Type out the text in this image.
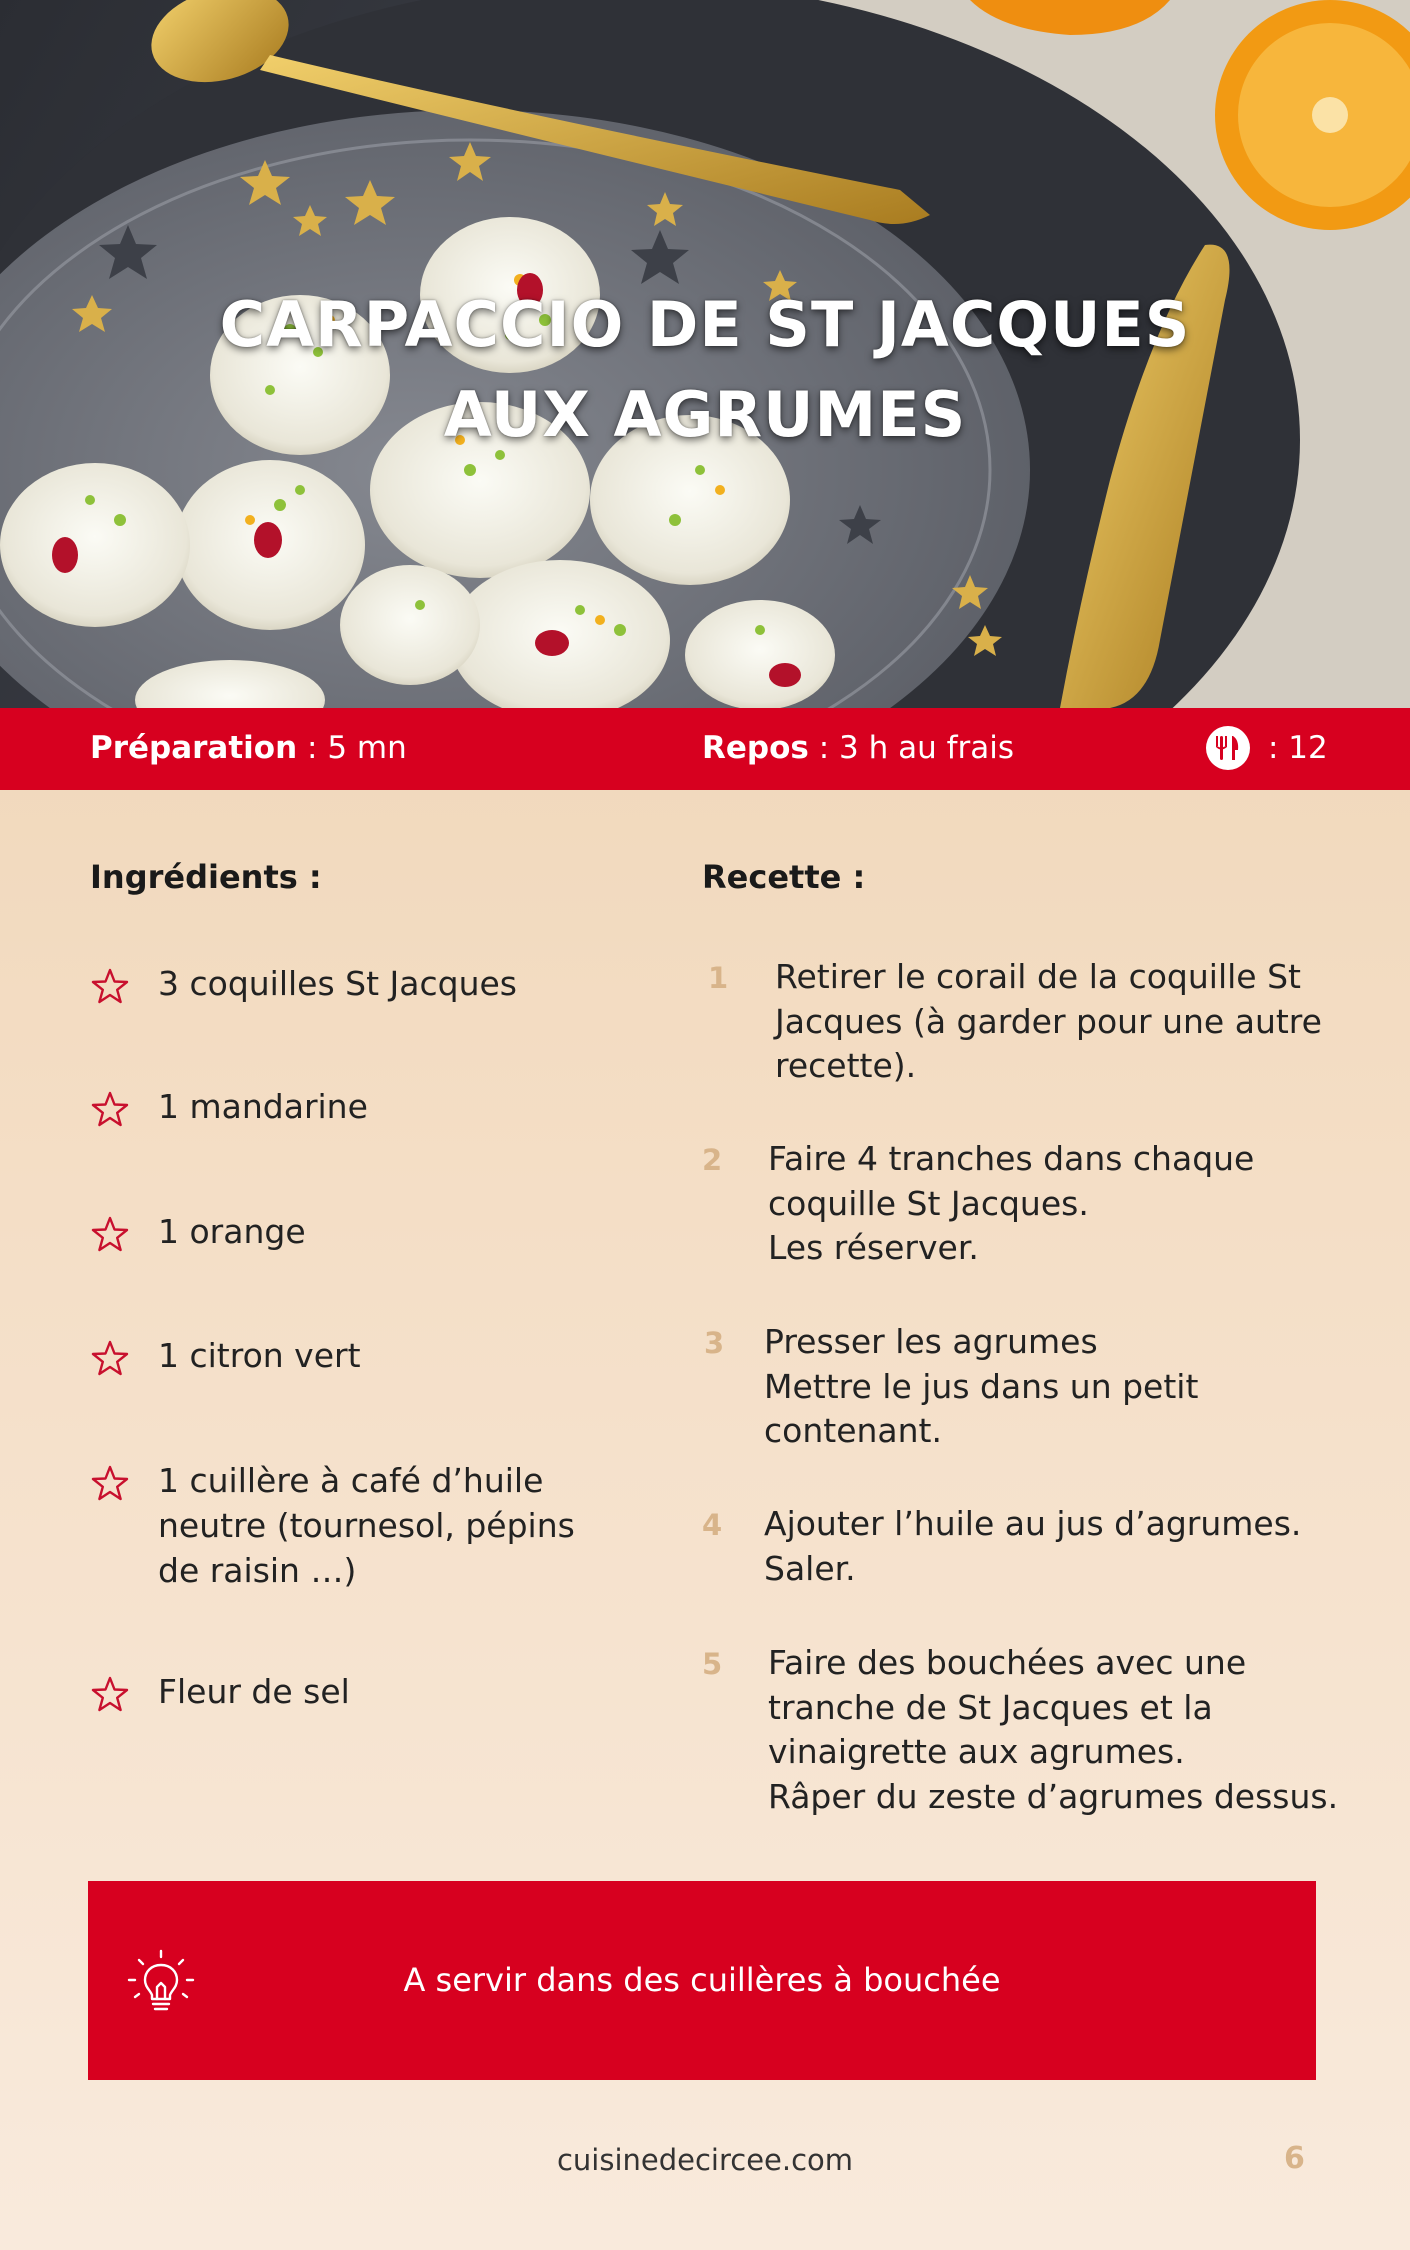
CARPACCIO DE ST JACQUES
AUX AGRUMES
Préparation : 5 mn	Repos : 3 h au frais	: 12
Ingrédients :
3 coquilles St Jacques
1 mandarine
1 orange
1 citron vert
1 cuillère à café d’huile neutre (tournesol, pépins de raisin …)
Fleur de sel
Recette :
1 Retirer le corail de la coquille St
Jacques (à garder pour une autre
recette).
2 Faire 4 tranches dans chaque
coquille St Jacques.
Les réserver.
3 Presser les agrumes
Mettre le jus dans un petit
contenant.
4 Ajouter l’huile au jus d’agrumes.
Saler.
5 Faire des bouchées avec une
tranche de St Jacques et la
vinaigrette aux agrumes.
Râper du zeste d’agrumes dessus.
A servir dans des cuillères à bouchée
cuisinedecircee.com	6
